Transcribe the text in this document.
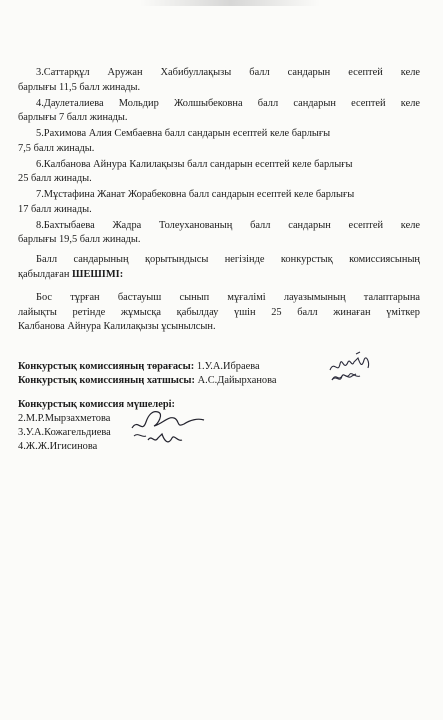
3.Саттарқұл Аружан Хабибуллақызы балл сандарын есептей келе
барлығы 11,5 балл жинады.
4.Даулеталиева Мольдир Жолшыбековна балл сандарын есептей келе
барлығы 7 балл жинады.
5.Рахимова Алия Сембаевна балл сандарын есептей келе барлығы
7,5 балл жинады.
6.Калбанова Айнура Калилақызы балл сандарын есептей келе барлығы
25 балл жинады.
7.Мұстафина Жанат Жорабековна балл сандарын есептей келе барлығы
17 балл жинады.
8.Бахтыбаева Жадра Толеуханованың балл сандарын есептей келе
барлығы 19,5 балл жинады.
Балл сандарының қорытындысы негізінде конкурстық комиссиясының
қабылдаған ШЕШІМІ:
Бос тұрған бастауыш сынып мұғалімі лауазымының талаптарына
лайықты ретінде жұмысқа қабылдау үшін 25 балл жинаған үміткер
Калбанова Айнура Калилақызы ұсынылсын.
Конкурстық комиссияның төрағасы: 1.У.А.Ибраева
Конкурстық комиссияның хатшысы: А.С.Дайырханова
Конкурстық комиссия мүшелері:
2.М.Р.Мырзахметова
3.У.А.Кожагельдиева
4.Ж.Ж.Игисинова
